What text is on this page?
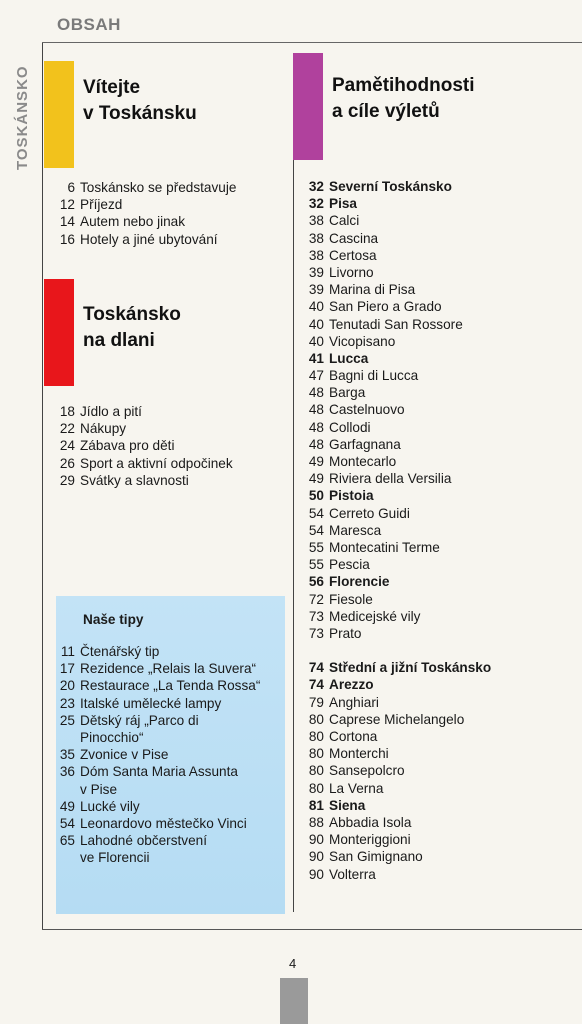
OBSAH
TOSKÁNSKO	Vítejte
v Toskánsku
6 Toskánsko se představuje
12 Příjezd
14 Autem nebo jinak
16 Hotely a jiné ubytování
Toskánsko
na dlani
18 Jídlo a pití
22 Nákupy
24 Zábava pro děti
26 Sport a aktivní odpočinek
29 Svátky a slavnosti
Naše tipy
11 Čtenářský tip
17 Rezidence „Relais la Suvera“
20 Restaurace „La Tenda Rossa“
23 Italské umělecké lampy
25 Dětský ráj „Parco di
Pinocchio“
35 Zvonice v Pise
36 Dóm Santa Maria Assunta
v Pise
49 Lucké vily
54 Leonardovo městečko Vinci
65 Lahodné občerstvení
ve Florencii
Pamětihodnosti
a cíle výletů
32 Severní Toskánsko
32 Pisa
38 Calci
38 Cascina
38 Certosa
39 Livorno
39 Marina di Pisa
40 San Piero a Grado
40 Tenutadi San Rossore
40 Vicopisano
41 Lucca
47 Bagni di Lucca
48 Barga
48 Castelnuovo
48 Collodi
48 Garfagnana
49 Montecarlo
49 Riviera della Versilia
50 Pistoia
54 Cerreto Guidi
54 Maresca
55 Montecatini Terme
55 Pescia
56 Florencie
72 Fiesole
73 Medicejské vily
73 Prato
74 Střední a jižní Toskánsko
74 Arezzo
79 Anghiari
80 Caprese Michelangelo
80 Cortona
80 Monterchi
80 Sansepolcro
80 La Verna
81 Siena
88 Abbadia Isola
90 Monteriggioni
90 San Gimignano
90 Volterra
4
